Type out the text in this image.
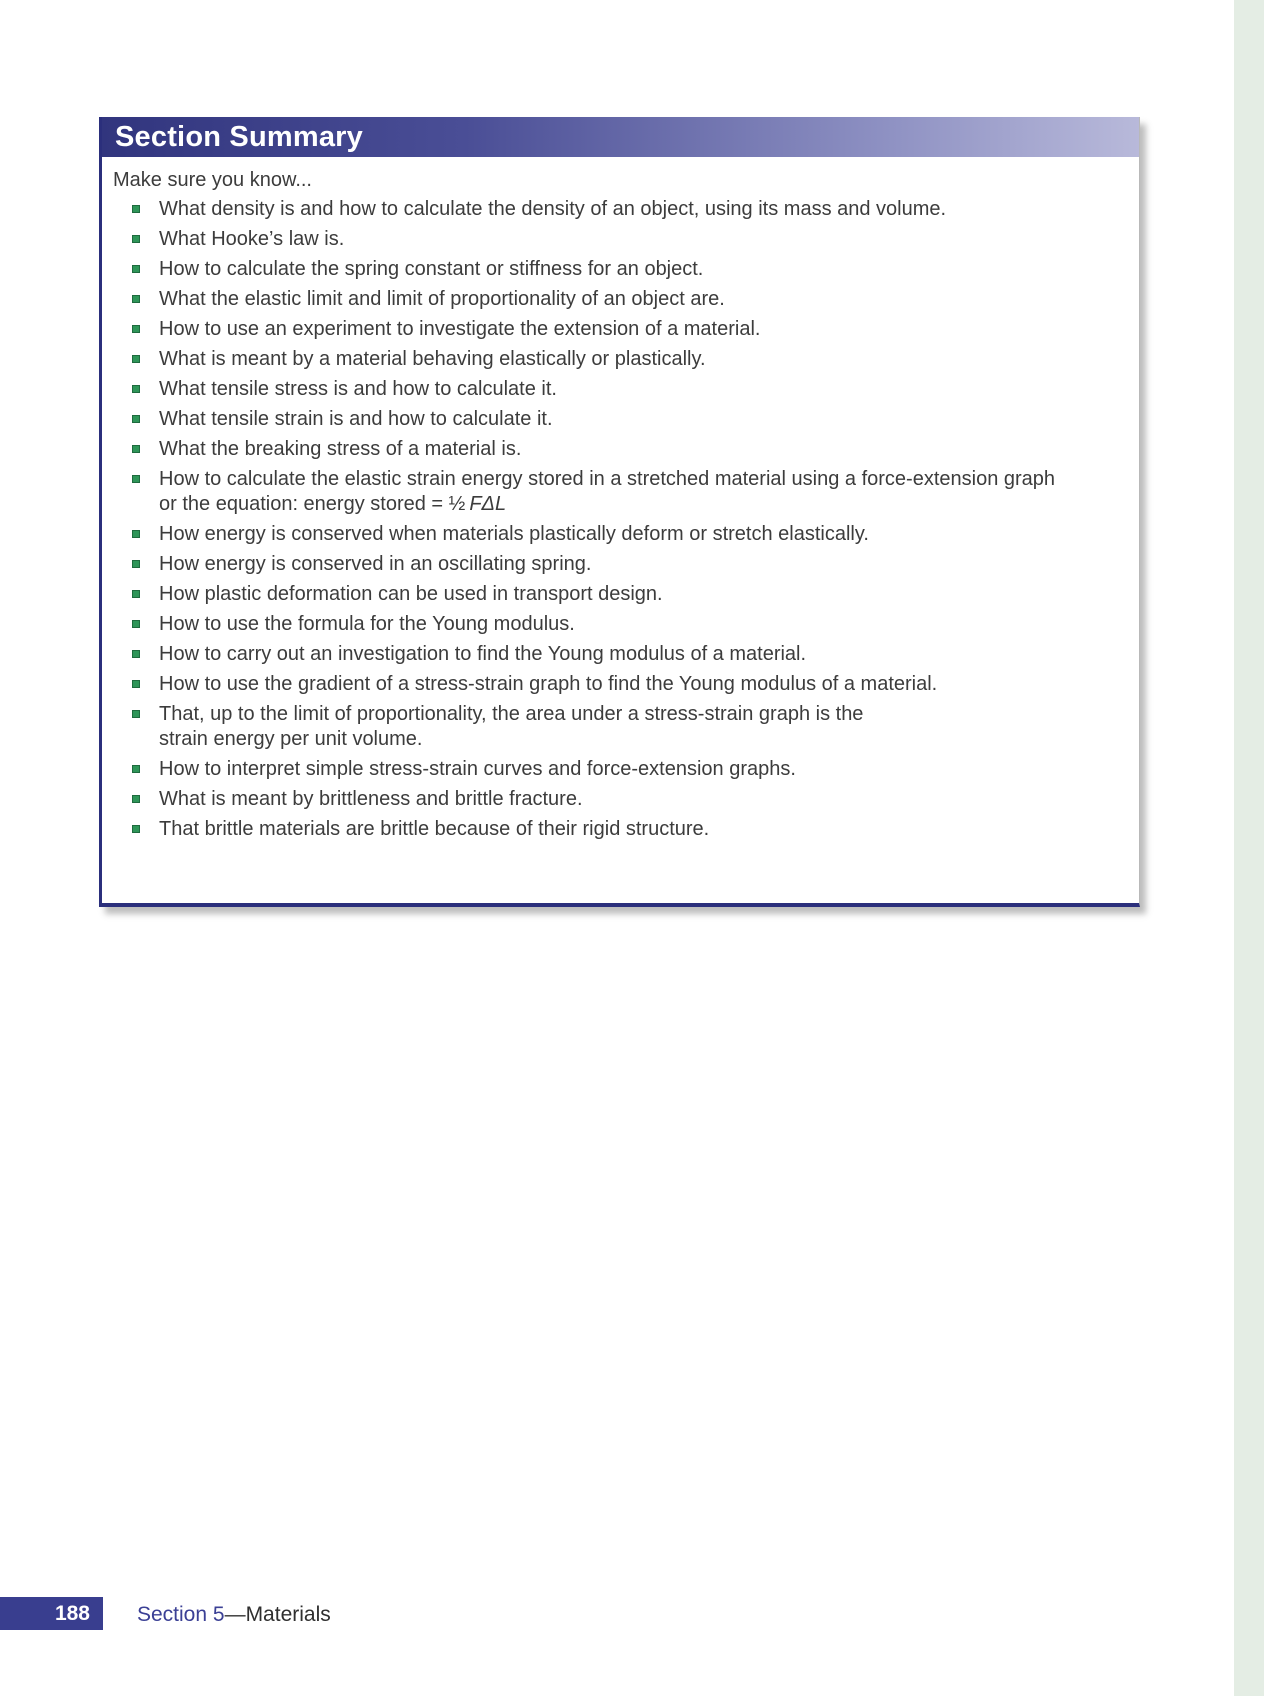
Section Summary

Make sure you know...

What density is and how to calculate the density of an object, using its mass and volume.
What Hooke’s law is.
How to calculate the spring constant or stiffness for an object.
What the elastic limit and limit of proportionality of an object are.
How to use an experiment to investigate the extension of a material.
What is meant by a material behaving elastically or plastically.
What tensile stress is and how to calculate it.
What tensile strain is and how to calculate it.
What the breaking stress of a material is.
How to calculate the elastic strain energy stored in a stretched material using a force-extension graph
or the equation: energy stored = ½ FΔL
How energy is conserved when materials plastically deform or stretch elastically.
How energy is conserved in an oscillating spring.
How plastic deformation can be used in transport design.
How to use the formula for the Young modulus.
How to carry out an investigation to find the Young modulus of a material.
How to use the gradient of a stress-strain graph to find the Young modulus of a material.
That, up to the limit of proportionality, the area under a stress-strain graph is the
strain energy per unit volume.
How to interpret simple stress-strain curves and force-extension graphs.
What is meant by brittleness and brittle fracture.
That brittle materials are brittle because of their rigid structure.
188 Section 5 — Materials
